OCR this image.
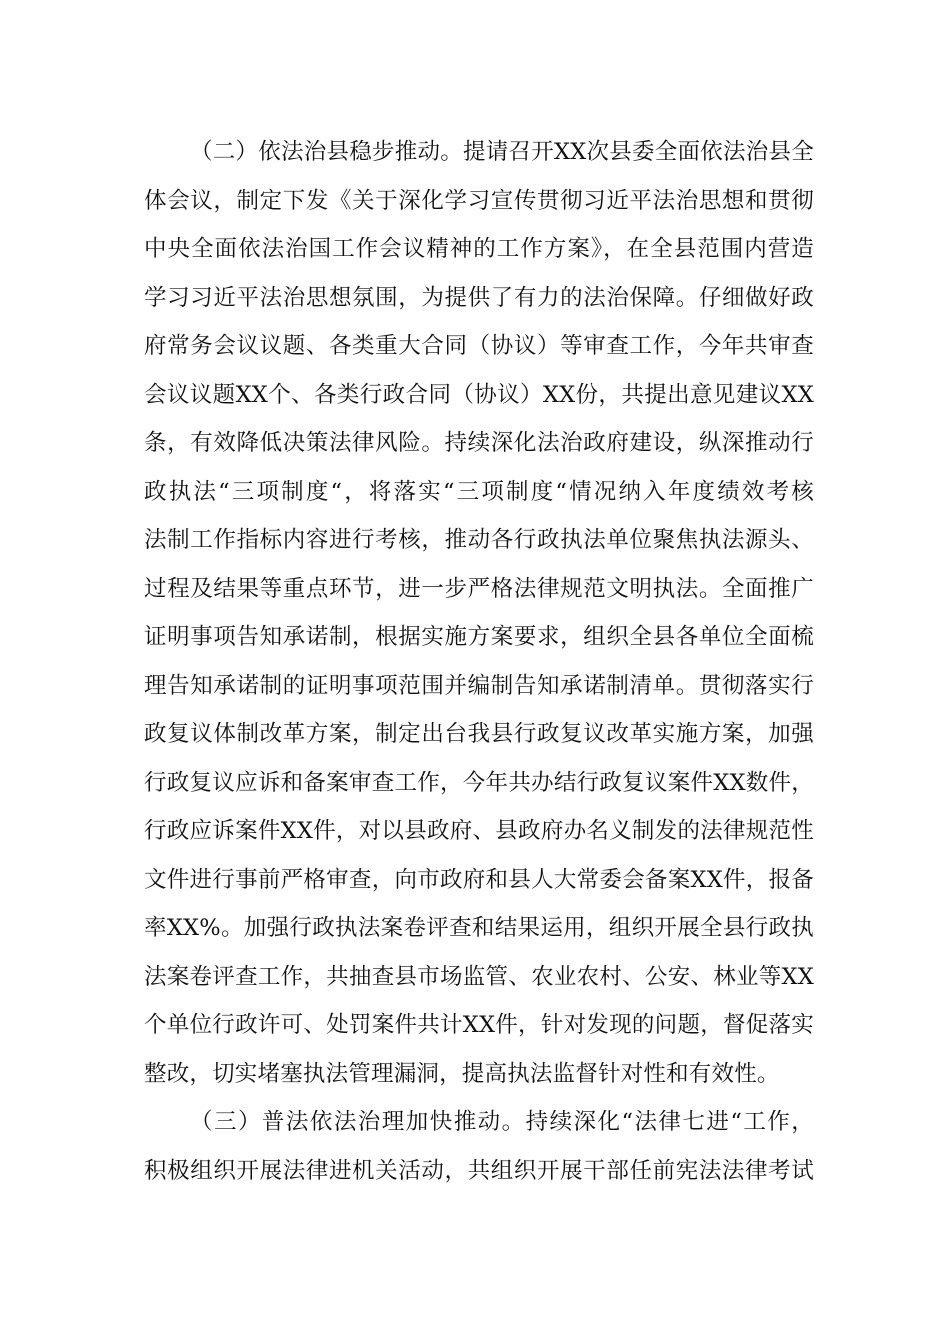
（二）依法治县稳步推动。提请召开XX次县委全面依法治县全
体会议，制定下发《关于深化学习宣传贯彻习近平法治思想和贯彻
中央全面依法治国工作会议精神的工作方案》，在全县范围内营造
学习习近平法治思想氛围，为提供了有力的法治保障。仔细做好政
府常务会议议题、各类重大合同（协议）等审查工作，今年共审查
会议议题XX个、各类行政合同（协议）XX份，共提出意见建议XX
条，有效降低决策法律风险。持续深化法治政府建设，纵深推动行
政执法“三项制度“，将落实“三项制度“情况纳入年度绩效考核
法制工作指标内容进行考核，推动各行政执法单位聚焦执法源头、
过程及结果等重点环节，进一步严格法律规范文明执法。全面推广
证明事项告知承诺制，根据实施方案要求，组织全县各单位全面梳
理告知承诺制的证明事项范围并编制告知承诺制清单。贯彻落实行
政复议体制改革方案，制定出台我县行政复议改革实施方案，加强
行政复议应诉和备案审查工作，今年共办结行政复议案件XX数件，
行政应诉案件XX件，对以县政府、县政府办名义制发的法律规范性
文件进行事前严格审查，向市政府和县人大常委会备案XX件，报备
率XX%。加强行政执法案卷评查和结果运用，组织开展全县行政执
法案卷评查工作，共抽查县市场监管、农业农村、公安、林业等XX
个单位行政许可、处罚案件共计XX件，针对发现的问题，督促落实
整改，切实堵塞执法管理漏洞，提高执法监督针对性和有效性。
（三）普法依法治理加快推动。持续深化“法律七进“工作，
积极组织开展法律进机关活动，共组织开展干部任前宪法法律考试
